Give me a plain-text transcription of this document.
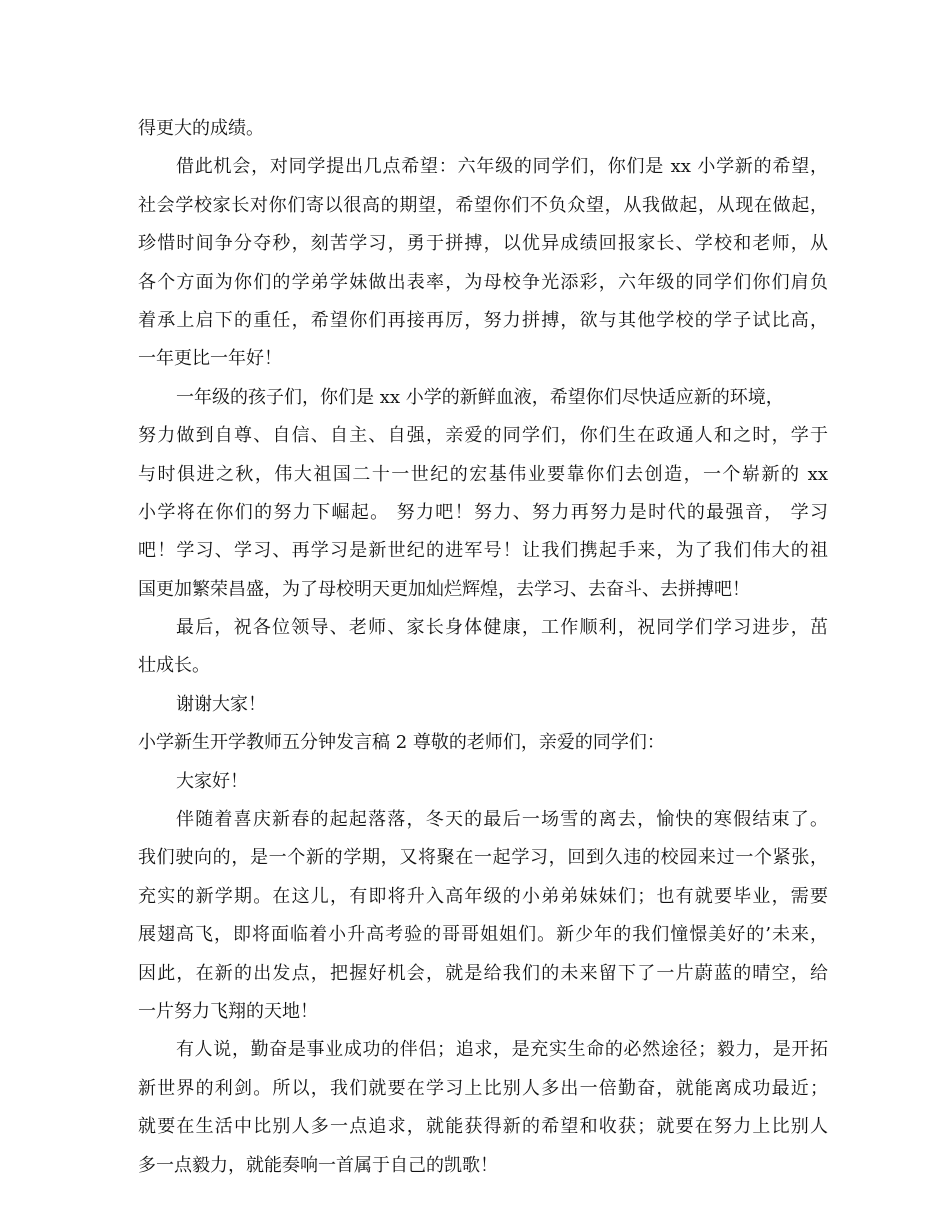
得更大的成绩。
借此机会，对同学提出几点希望：六年级的同学们，你们是 xx 小学新的希望，
社会学校家长对你们寄以很高的期望，希望你们不负众望，从我做起，从现在做起，
珍惜时间争分夺秒，刻苦学习，勇于拼搏，以优异成绩回报家长、学校和老师，从
各个方面为你们的学弟学妹做出表率，为母校争光添彩，六年级的同学们你们肩负
着承上启下的重任，希望你们再接再厉，努力拼搏，欲与其他学校的学子试比高，
一年更比一年好！
一年级的孩子们，你们是 xx 小学的新鲜血液，希望你们尽快适应新的环境，
努力做到自尊、自信、自主、自强，亲爱的同学们，你们生在政通人和之时，学于
与时俱进之秋，伟大祖国二十一世纪的宏基伟业要靠你们去创造，一个崭新的 xx
小学将在你们的努力下崛起。 努力吧！努力、努力再努力是时代的最强音， 学习
吧！学习、学习、再学习是新世纪的进军号！让我们携起手来，为了我们伟大的祖
国更加繁荣昌盛，为了母校明天更加灿烂辉煌，去学习、去奋斗、去拼搏吧！
最后，祝各位领导、老师、家长身体健康，工作顺利，祝同学们学习进步，茁
壮成长。
谢谢大家！
小学新生开学教师五分钟发言稿 2 尊敬的老师们，亲爱的同学们：
大家好！
伴随着喜庆新春的起起落落，冬天的最后一场雪的离去，愉快的寒假结束了。
我们驶向的，是一个新的学期，又将聚在一起学习，回到久违的校园来过一个紧张，
充实的新学期。在这儿，有即将升入高年级的小弟弟妹妹们；也有就要毕业，需要
展翅高飞，即将面临着小升高考验的哥哥姐姐们。新少年的我们憧憬美好的’未来，
因此，在新的出发点，把握好机会，就是给我们的未来留下了一片蔚蓝的晴空，给
一片努力飞翔的天地！
有人说，勤奋是事业成功的伴侣；追求，是充实生命的必然途径；毅力，是开拓
新世界的利剑。所以，我们就要在学习上比别人多出一倍勤奋，就能离成功最近；
就要在生活中比别人多一点追求，就能获得新的希望和收获；就要在努力上比别人
多一点毅力，就能奏响一首属于自己的凯歌！
